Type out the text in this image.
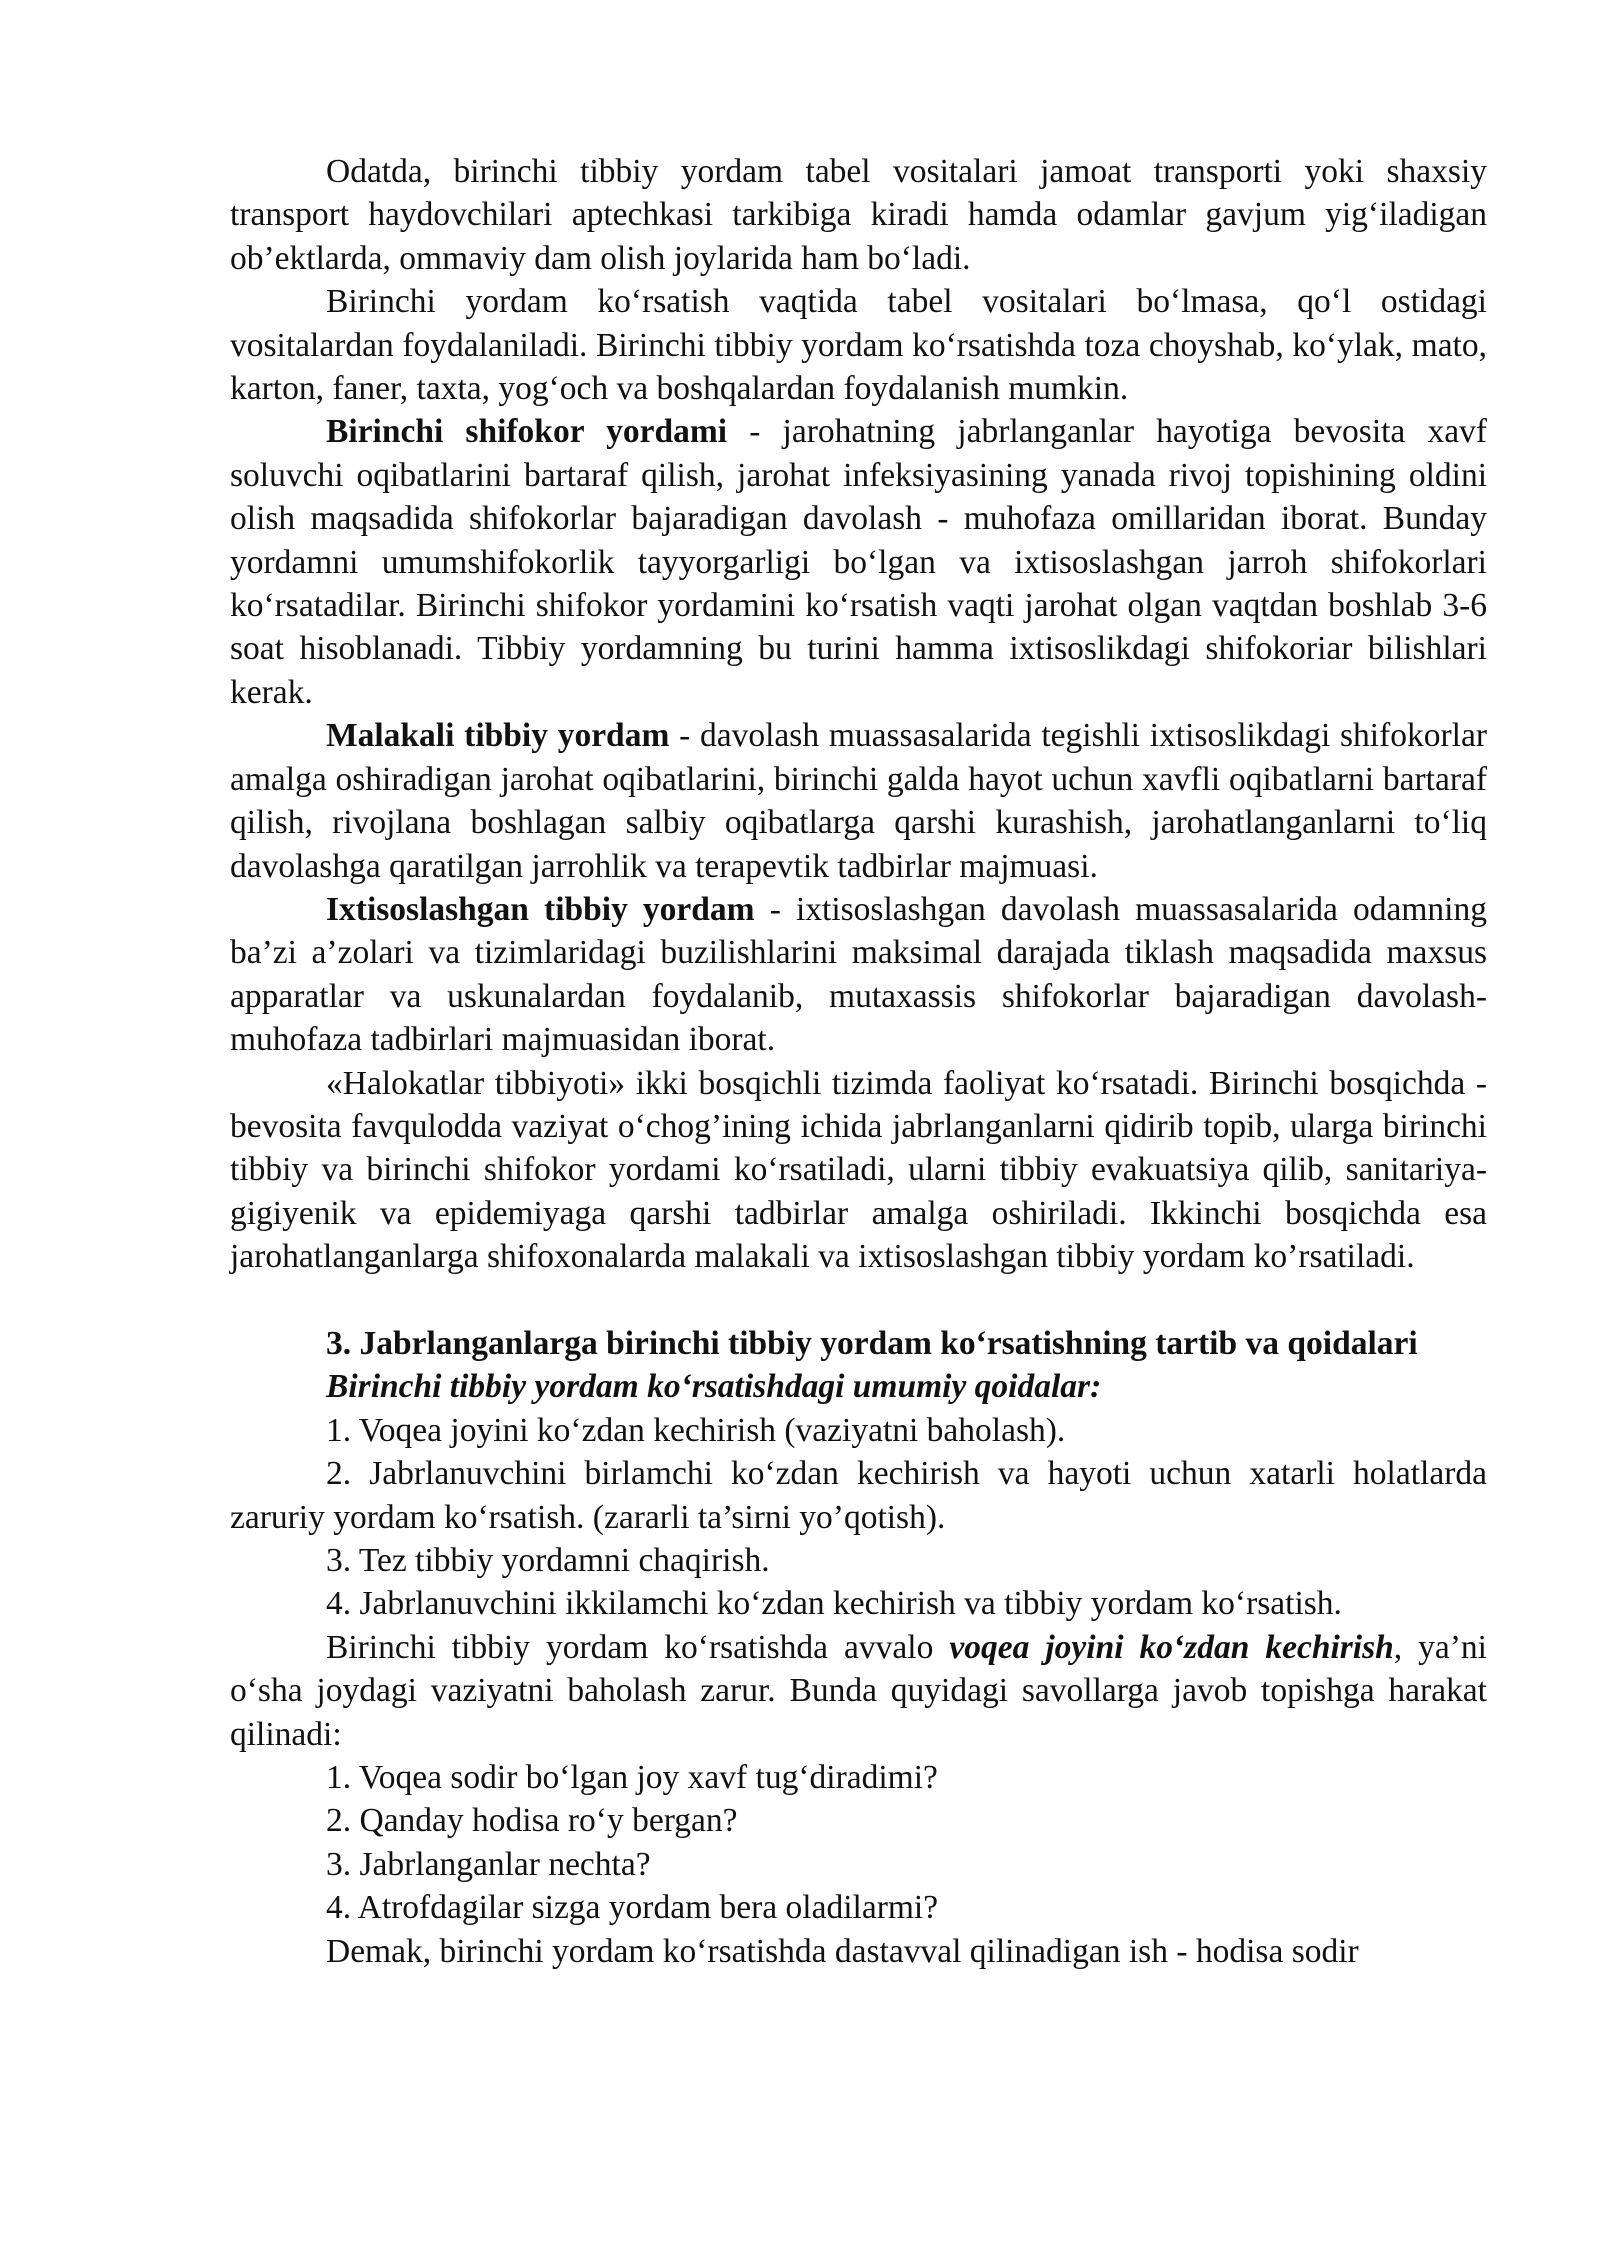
Odatda, birinchi tibbiy yordam tabel vositalari jamoat transporti yoki shaxsiy transport haydovchilari aptechkasi tarkibiga kiradi hamda odamlar gavjum yig‘iladigan ob’ektlarda, ommaviy dam olish joylarida ham bo‘ladi.

Birinchi yordam ko‘rsatish vaqtida tabel vositalari bo‘lmasa, qo‘l ostidagi vositalardan foydalaniladi. Birinchi tibbiy yordam ko‘rsatishda toza choyshab, ko‘ylak, mato, karton, faner, taxta, yog‘och va boshqalardan foydalanish mumkin.

Birinchi shifokor yordami - jarohatning jabrlanganlar hayotiga bevosita xavf soluvchi oqibatlarini bartaraf qilish, jarohat infeksiyasining yanada rivoj topishining oldini olish maqsadida shifokorlar bajaradigan davolash - muhofaza omillaridan iborat. Bunday yordamni umumshifokorlik tayyorgarligi bo‘lgan va ixtisoslashgan jarroh shifokorlari ko‘rsatadilar. Birinchi shifokor yordamini ko‘rsatish vaqti jarohat olgan vaqtdan boshlab 3-6 soat hisoblanadi. Tibbiy yordamning bu turini hamma ixtisoslikdagi shifokoriar bilishlari kerak.

Malakali tibbiy yordam - davolash muassasalarida tegishli ixtisoslikdagi shifokorlar amalga oshiradigan jarohat oqibatlarini, birinchi galda hayot uchun xavfli oqibatlarni bartaraf qilish, rivojlana boshlagan salbiy oqibatlarga qarshi kurashish, jarohatlanganlarni to‘liq davolashga qaratilgan jarrohlik va terapevtik tadbirlar majmuasi.

Ixtisoslashgan tibbiy yordam - ixtisoslashgan davolash muassasalarida odamning ba’zi a’zolari va tizimlaridagi buzilishlarini maksimal darajada tiklash maqsadida maxsus apparatlar va uskunalardan foydalanib, mutaxassis shifokorlar bajaradigan davolash-muhofaza tadbirlari majmuasidan iborat.

«Halokatlar tibbiyoti» ikki bosqichli tizimda faoliyat ko‘rsatadi. Birinchi bosqichda - bevosita favqulodda vaziyat o‘chog’ining ichida jabrlanganlarni qidirib topib, ularga birinchi tibbiy va birinchi shifokor yordami ko‘rsatiladi, ularni tibbiy evakuatsiya qilib, sanitariya-gigiyenik va epidemiyaga qarshi tadbirlar amalga oshiriladi. Ikkinchi bosqichda esa jarohatlanganlarga shifoxonalarda malakali va ixtisoslashgan tibbiy yordam ko’rsatiladi.

3. Jabrlanganlarga birinchi tibbiy yordam ko‘rsatishning tartib va qoidalari

Birinchi tibbiy yordam ko‘rsatishdagi umumiy qoidalar:

1. Voqea joyini ko‘zdan kechirish (vaziyatni baholash).

2. Jabrlanuvchini birlamchi ko‘zdan kechirish va hayoti uchun xatarli holatlarda zaruriy yordam ko‘rsatish. (zararli ta’sirni yo’qotish).

3. Tez tibbiy yordamni chaqirish.

4. Jabrlanuvchini ikkilamchi ko‘zdan kechirish va tibbiy yordam ko‘rsatish.

Birinchi tibbiy yordam ko‘rsatishda avvalo voqea joyini ko‘zdan kechirish, ya’ni o‘sha joydagi vaziyatni baholash zarur. Bunda quyidagi savollarga javob topishga harakat qilinadi:

1. Voqea sodir bo‘lgan joy xavf tug‘diradimi?

2. Qanday hodisa ro‘y bergan?

3. Jabrlanganlar nechta?

4. Atrofdagilar sizga yordam bera oladilarmi?

Demak, birinchi yordam ko‘rsatishda dastavval qilinadigan ish - hodisa sodir
